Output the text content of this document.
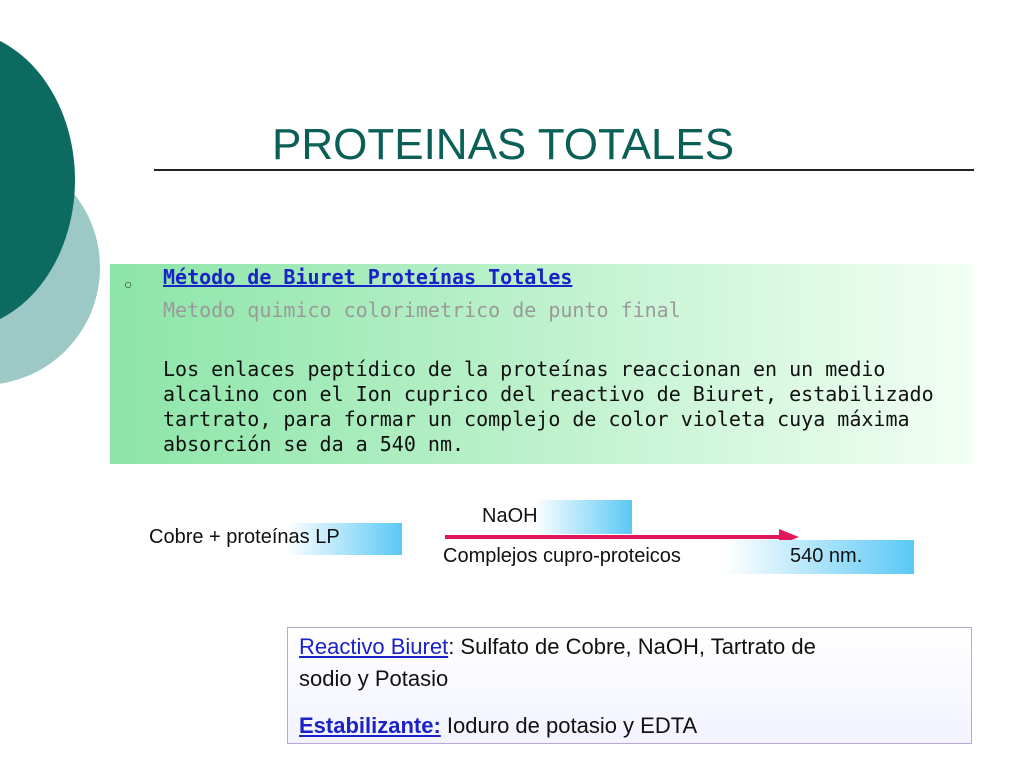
PROTEINAS TOTALES
○ Método de Biuret Proteínas Totales
Metodo quimico colorimetrico de punto final
Los enlaces peptídico de la proteínas reaccionan en un medio alcalino con el Ion cuprico del reactivo de Biuret, estabilizado tartrato, para formar un complejo de color violeta cuya máxima absorción se da a 540 nm.
Cobre + proteínas LP
NaOH
Complejos cupro-proteicos	540 nm.
Reactivo Biuret: Sulfato de Cobre, NaOH, Tartrato de
sodio y Potasio
Estabilizante: Ioduro de potasio y EDTA
